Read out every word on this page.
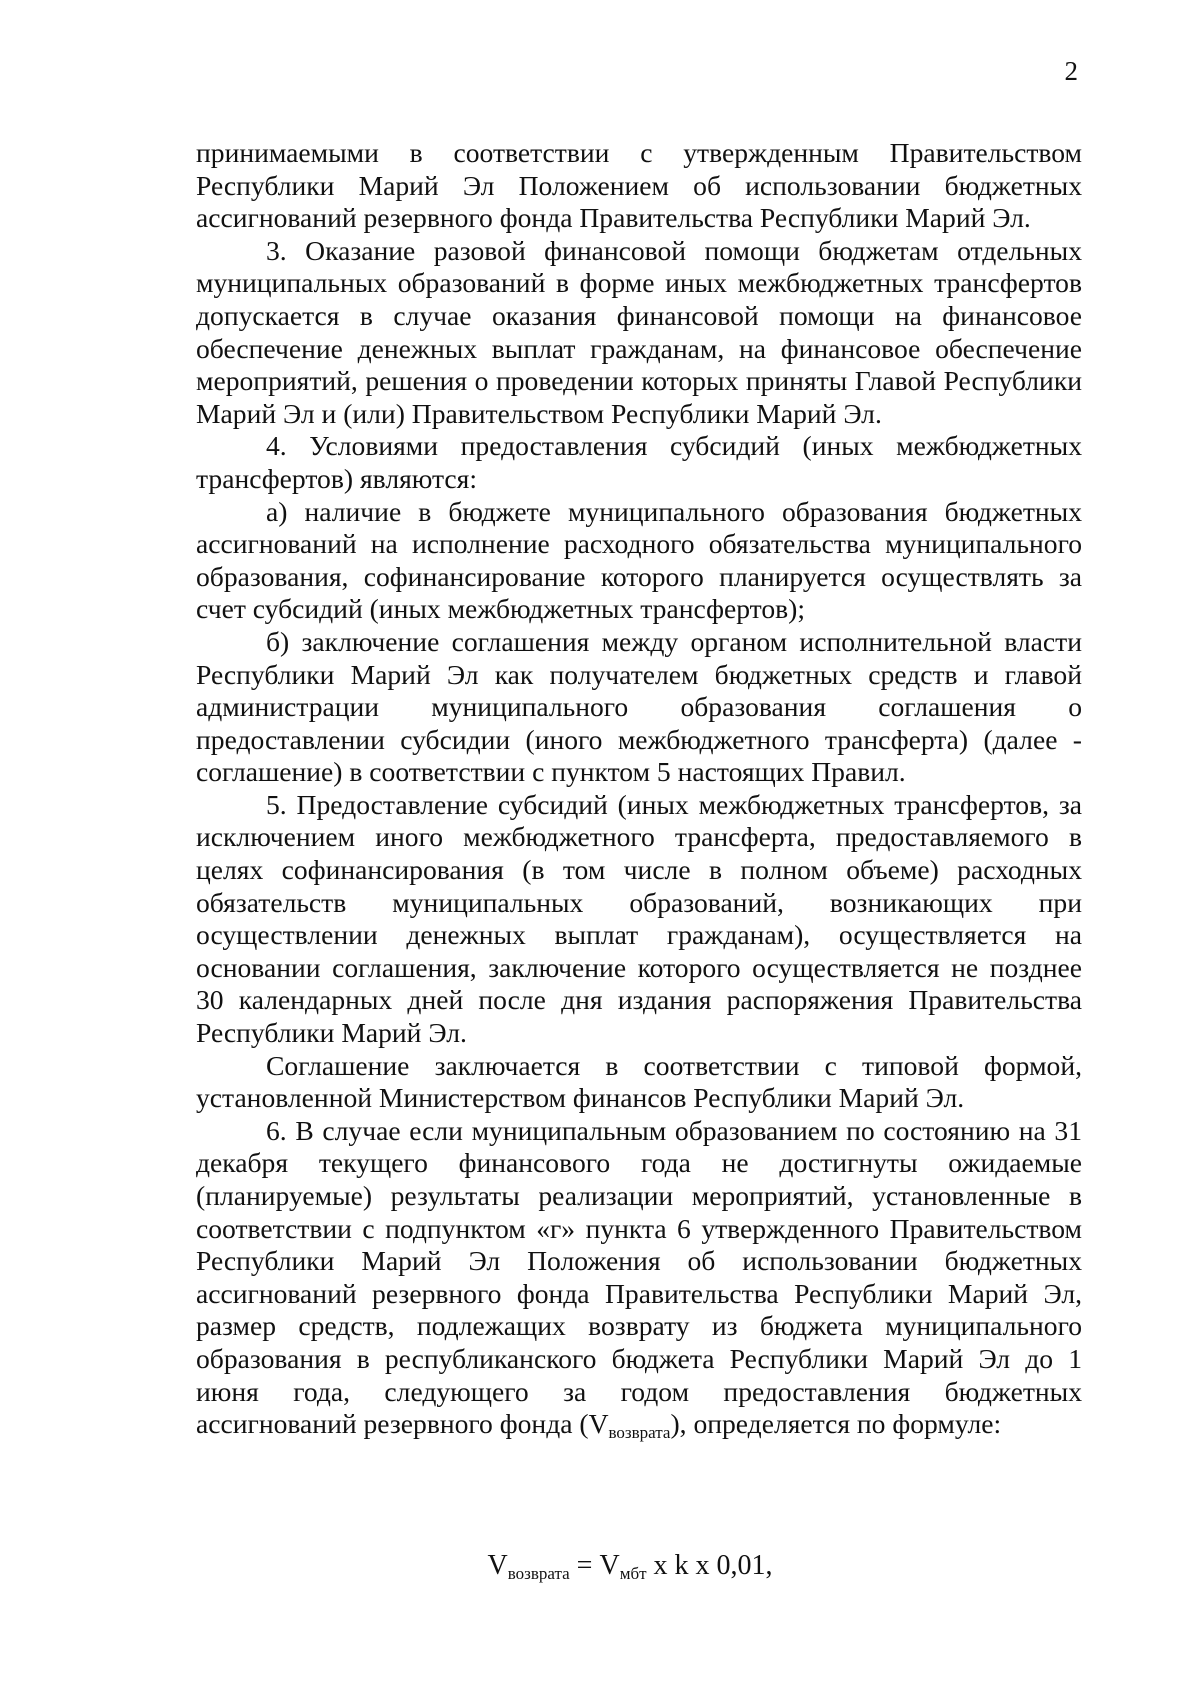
2

принимаемыми в соответствии с утвержденным Правительством Республики Марий Эл Положением об использовании бюджетных ассигнований резервного фонда Правительства Республики Марий Эл.

3. Оказание разовой финансовой помощи бюджетам отдельных муниципальных образований в форме иных межбюджетных трансфертов допускается в случае оказания финансовой помощи на финансовое обеспечение денежных выплат гражданам, на финансовое обеспечение мероприятий, решения о проведении которых приняты Главой Республики Марий Эл и (или) Правительством Республики Марий Эл.

4. Условиями предоставления субсидий (иных межбюджетных трансфертов) являются:

а) наличие в бюджете муниципального образования бюджетных ассигнований на исполнение расходного обязательства муниципального образования, софинансирование которого планируется осуществлять за счет субсидий (иных межбюджетных трансфертов);

б) заключение соглашения между органом исполнительной власти Республики Марий Эл как получателем бюджетных средств и главой администрации муниципального образования соглашения о предоставлении субсидии (иного межбюджетного трансферта) (далее - соглашение) в соответствии с пунктом 5 настоящих Правил.

5. Предоставление субсидий (иных межбюджетных трансфертов, за исключением иного межбюджетного трансферта, предоставляемого в целях софинансирования (в том числе в полном объеме) расходных обязательств муниципальных образований, возникающих при осуществлении денежных выплат гражданам), осуществляется на основании соглашения, заключение которого осуществляется не позднее 30 календарных дней после дня издания распоряжения Правительства Республики Марий Эл.

Соглашение заключается в соответствии с типовой формой, установленной Министерством финансов Республики Марий Эл.

6. В случае если муниципальным образованием по состоянию на 31 декабря текущего финансового года не достигнуты ожидаемые (планируемые) результаты реализации мероприятий, установленные в соответствии с подпунктом «г» пункта 6 утвержденного Правительством Республики Марий Эл Положения об использовании бюджетных ассигнований резервного фонда Правительства Республики Марий Эл, размер средств, подлежащих возврату из бюджета муниципального образования в республиканского бюджета Республики Марий Эл до 1 июня года, следующего за годом предоставления бюджетных ассигнований резервного фонда (Vвозврата), определяется по формуле:

Vвозврата = Vмбт x k x 0,01,
